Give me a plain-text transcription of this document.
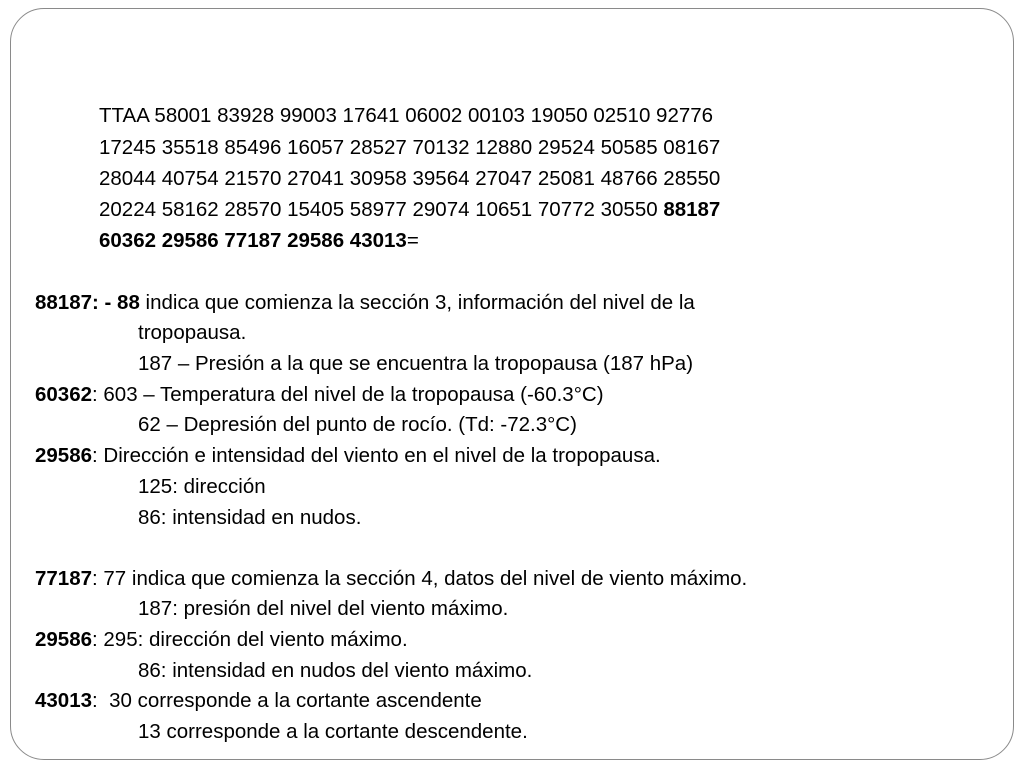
TTAA 58001 83928 99003 17641 06002 00103 19050 02510 92776
17245 35518 85496 16057 28527 70132 12880 29524 50585 08167
28044 40754 21570 27041 30958 39564 27047 25081 48766 28550
20224 58162 28570 15405 58977 29074 10651 70772 30550 88187
60362 29586 77187 29586 43013=
88187: - 88 indica que comienza la sección 3, información del nivel de la
tropopausa.
187 – Presión a la que se encuentra la tropopausa (187 hPa)
60362: 603 – Temperatura del nivel de la tropopausa (-60.3°C)
62 – Depresión del punto de rocío. (Td: -72.3°C)
29586: Dirección e intensidad del viento en el nivel de la tropopausa.
125: dirección
86: intensidad en nudos.
77187: 77 indica que comienza la sección 4, datos del nivel de viento máximo.
187: presión del nivel del viento máximo.
29586: 295: dirección del viento máximo.
86: intensidad en nudos del viento máximo.
43013:  30 corresponde a la cortante ascendente
13 corresponde a la cortante descendente.
